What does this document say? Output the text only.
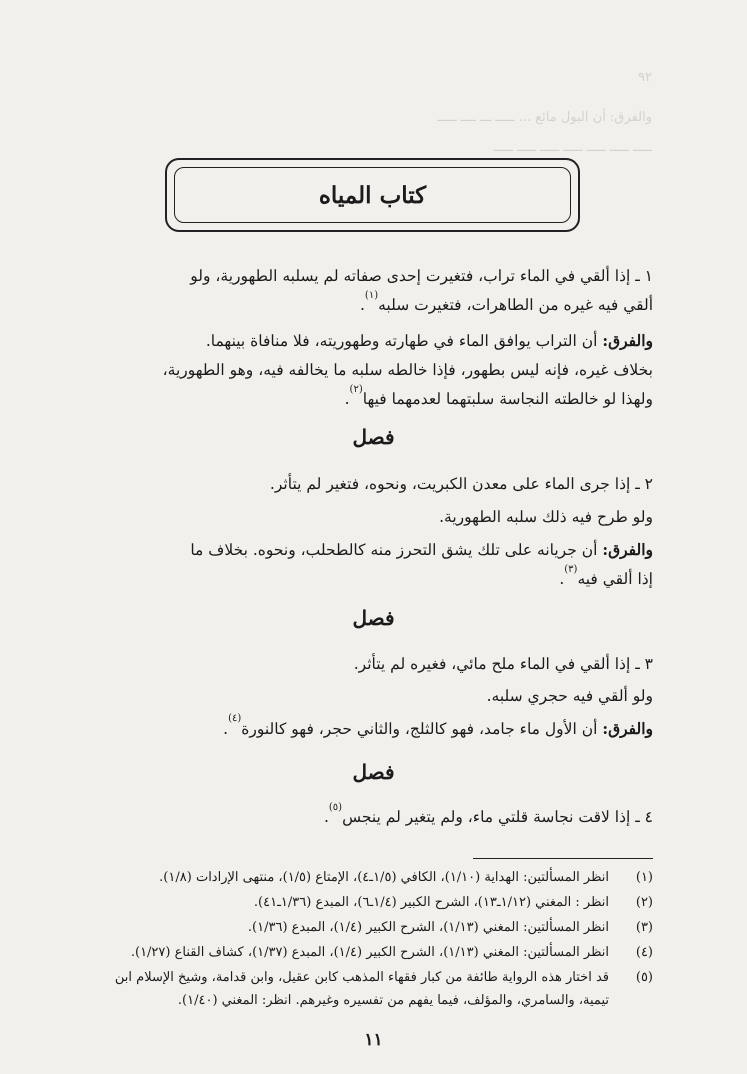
٩٢
والفرق: أن البول مائع ... ـــــ ـــ ــــ ـــــ
ـــــ ـــــ ـــــ ـــــ ـــــ ـــــ ـــــ
كتاب المياه
١ ـ إذا ألقي في الماء تراب، فتغيرت إحدى صفاته لم يسلبه الطهورية، ولو
ألقي فيه غيره من الطاهرات، فتغيرت سلبه$^{(١)}$.
والفرق: أن التراب يوافق الماء في طهارته وطهوريته، فلا منافاة بينهما.
بخلاف غيره، فإنه ليس بطهور، فإذا خالطه سلبه ما يخالفه فيه، وهو الطهورية،
ولهذا لو خالطته النجاسة سلبتهما لعدمهما فيها$^{(٢)}$.
فصل
٢ ـ إذا جرى الماء على معدن الكبريت، ونحوه، فتغير لم يتأثر.
ولو طرح فيه ذلك سلبه الطهورية.
والفرق: أن جريانه على تلك يشق التحرز منه كالطحلب، ونحوه. بخلاف ما
إذا ألقي فيه$^{(٣)}$.
فصل
٣ ـ إذا ألقي في الماء ملح مائي، فغيره لم يتأثر.
ولو ألقي فيه حجري سلبه.
والفرق: أن الأول ماء جامد، فهو كالثلج، والثاني حجر، فهو كالنورة$^{(٤)}$.
فصل
٤ ـ إذا لاقت نجاسة قلتي ماء، ولم يتغير لم ينجس$^{(٥)}$.
(١)
انظر المسألتين: الهداية (١/١٠)، الكافي (١/٥ـ٤)، الإمتاع (١/٥)، منتهى الإرادات (١/٨).
(٢)
انظر : المغني (١/١٢ـ١٣)، الشرح الكبير (١/٤ـ٦)، المبدع (١/٣٦ـ٤١).
(٣)
انظر المسألتين: المغني (١/١٣)، الشرح الكبير (١/٤)، المبدع (١/٣٦).
(٤)
انظر المسألتين: المغني (١/١٣)، الشرح الكبير (١/٤)، المبدع (١/٣٧)، كشاف القناع (١/٢٧).
(٥)
قد اختار هذه الرواية طائفة من كبار فقهاء المذهب كابن عقيل، وابن قدامة، وشيخ الإسلام ابن
تيمية، والسامري، والمؤلف، فيما يفهم من تفسيره وغيرهم. انظر: المغني (١/٤٠).
١١
